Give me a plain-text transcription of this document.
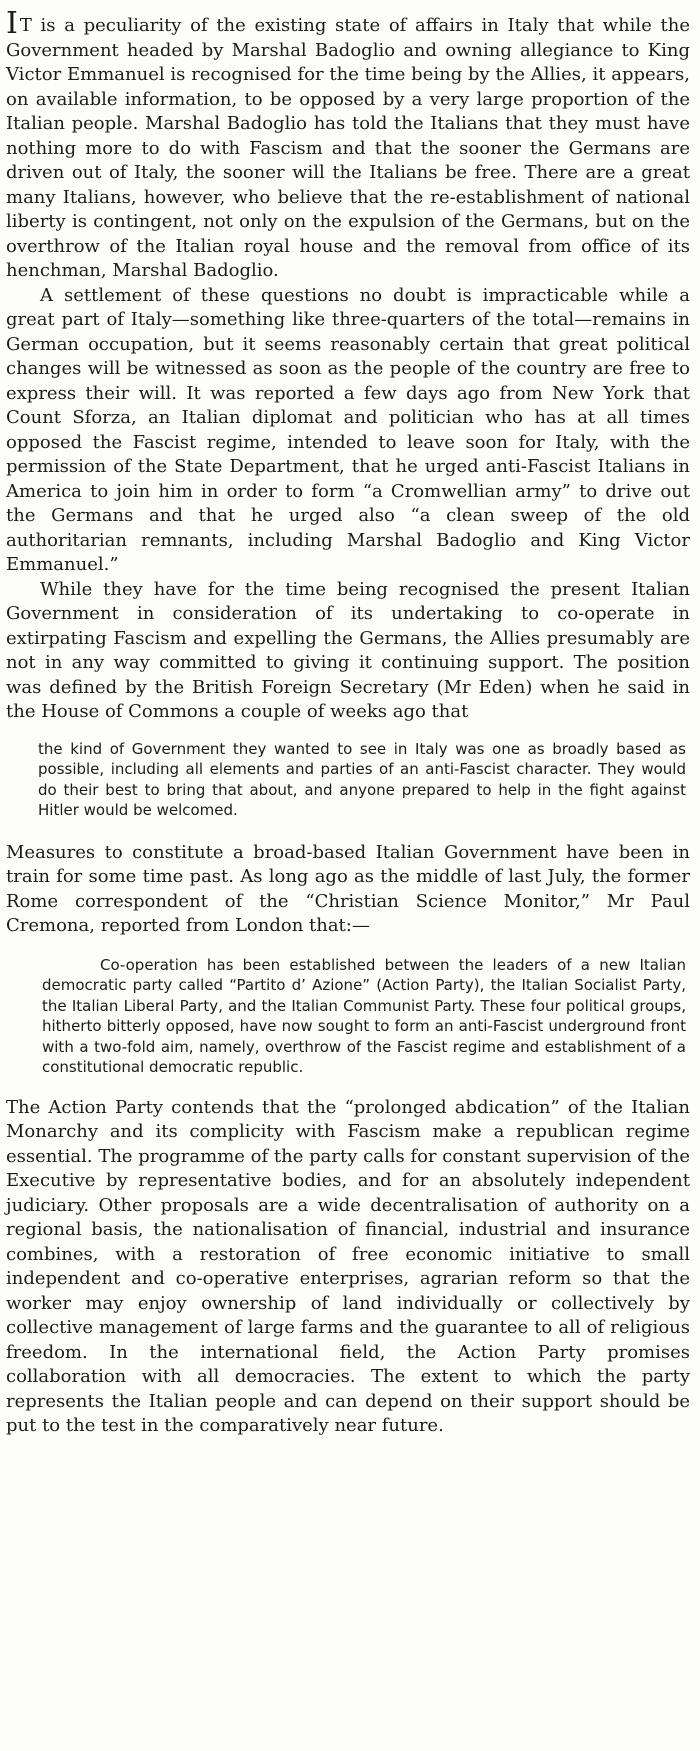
I T is a peculiarity of the existing state of affairs in Italy that while the Government headed by Marshal Badoglio and owning allegiance to King Victor Emmanuel is recognised for the time being by the Allies, it appears, on available information, to be opposed by a very large proportion of the Italian people. Marshal Badoglio has told the Italians that they must have nothing more to do with Fascism and that the sooner the Germans are driven out of Italy, the sooner will the Italians be free. There are a great many Italians, however, who believe that the re-establishment of national liberty is contingent, not only on the expulsion of the Germans, but on the overthrow of the Italian royal house and the removal from office of its henchman, Marshal Badoglio.

A settlement of these questions no doubt is impracticable while a great part of Italy—something like three-quarters of the total—remains in German occupation, but it seems reasonably certain that great political changes will be witnessed as soon as the people of the country are free to express their will. It was reported a few days ago from New York that Count Sforza, an Italian diplomat and politician who has at all times opposed the Fascist regime, intended to leave soon for Italy, with the permission of the State Department, that he urged anti-Fascist Italians in America to join him in order to form “a Cromwellian army” to drive out the Germans and that he urged also “a clean sweep of the old authoritarian remnants, including Marshal Badoglio and King Victor Emmanuel.”

While they have for the time being recognised the present Italian Government in consideration of its undertaking to co-operate in extirpating Fascism and expelling the Germans, the Allies presumably are not in any way committed to giving it continuing support. The position was defined by the British Foreign Secretary (Mr Eden) when he said in the House of Commons a couple of weeks ago that

the kind of Government they wanted to see in Italy was one as broadly based as possible, including all elements and parties of an anti-Fascist character. They would do their best to bring that about, and anyone prepared to help in the fight against Hitler would be welcomed.

Measures to constitute a broad-based Italian Government have been in train for some time past. As long ago as the middle of last July, the former Rome correspondent of the “Christian Science Monitor,” Mr Paul Cremona, reported from London that:—

Co-operation has been established between the leaders of a new Italian democratic party called “Partito d’ Azione” (Action Party), the Italian Socialist Party, the Italian Liberal Party, and the Italian Communist Party. These four political groups, hitherto bitterly opposed, have now sought to form an anti-Fascist underground front with a two-fold aim, namely, overthrow of the Fascist regime and establishment of a constitutional democratic republic.

The Action Party contends that the “prolonged abdication” of the Italian Monarchy and its complicity with Fascism make a republican regime essential. The programme of the party calls for constant supervision of the Executive by representative bodies, and for an absolutely independent judiciary. Other proposals are a wide decentralisation of authority on a regional basis, the nationalisation of financial, industrial and insurance combines, with a restoration of free economic initiative to small independent and co-operative enterprises, agrarian reform so that the worker may enjoy ownership of land individually or collectively by collective management of large farms and the guarantee to all of religious freedom. In the international field, the Action Party promises collaboration with all democracies. The extent to which the party represents the Italian people and can depend on their support should be put to the test in the comparatively near future.
